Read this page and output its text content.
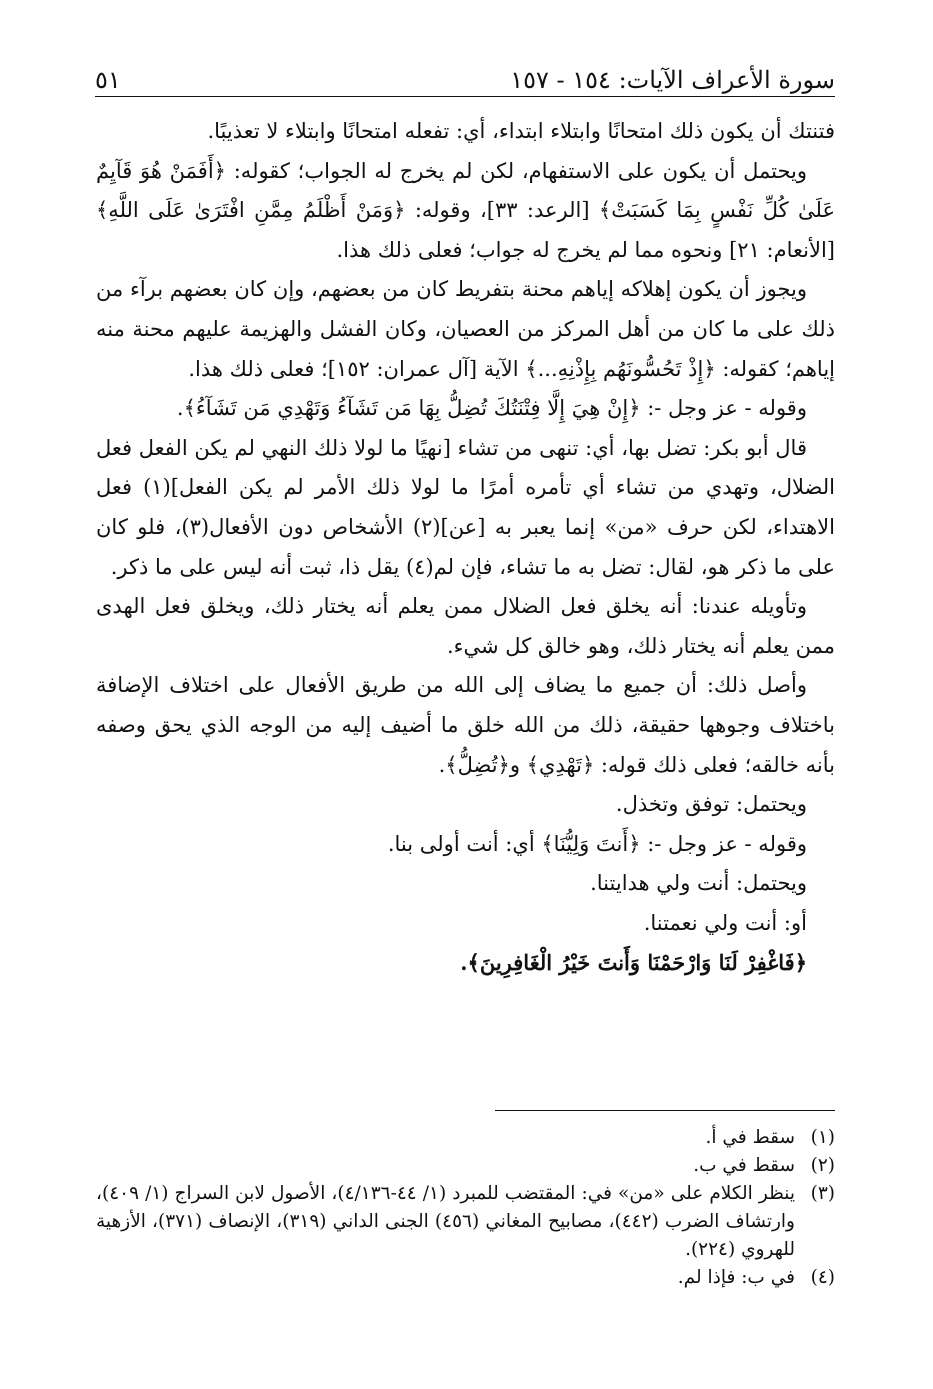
سورة الأعراف الآيات: ١٥٤ - ١٥٧
٥١

فتنتك أن يكون ذلك امتحانًا وابتلاء ابتداء، أي: تفعله امتحانًا وابتلاء لا تعذيبًا.

ويحتمل أن يكون على الاستفهام، لكن لم يخرج له الجواب؛ كقوله: ﴿أَفَمَنْ هُوَ قَآيِمٌ عَلَىٰ كُلِّ نَفْسٍ بِمَا كَسَبَتْ﴾ [الرعد: ٣٣]، وقوله: ﴿وَمَنْ أَظْلَمُ مِمَّنِ افْتَرَىٰ عَلَى اللَّهِ﴾ [الأنعام: ٢١] ونحوه مما لم يخرج له جواب؛ فعلى ذلك هذا.

ويجوز أن يكون إهلاكه إياهم محنة بتفريط كان من بعضهم، وإن كان بعضهم برآء من ذلك على ما كان من أهل المركز من العصيان، وكان الفشل والهزيمة عليهم محنة منه إياهم؛ كقوله: ﴿إِذْ تَحُسُّونَهُم بِإِذْنِهِ...﴾ الآية [آل عمران: ١٥٢]؛ فعلى ذلك هذا.

وقوله - عز وجل -: ﴿إِنْ هِيَ إِلَّا فِتْنَتُكَ تُضِلُّ بِهَا مَن تَشَآءُ وَتَهْدِي مَن تَشَآءُ﴾.

قال أبو بكر: تضل بها، أي: تنهى من تشاء [نهيًا ما لولا ذلك النهي لم يكن الفعل فعل الضلال، وتهدي من تشاء أي تأمره أمرًا ما لولا ذلك الأمر لم يكن الفعل](١) فعل الاهتداء، لكن حرف «من» إنما يعبر به [عن](٢) الأشخاص دون الأفعال(٣)، فلو كان على ما ذكر هو، لقال: تضل به ما تشاء، فإن لم(٤) يقل ذا، ثبت أنه ليس على ما ذكر.

وتأويله عندنا: أنه يخلق فعل الضلال ممن يعلم أنه يختار ذلك، ويخلق فعل الهدى ممن يعلم أنه يختار ذلك، وهو خالق كل شيء.

وأصل ذلك: أن جميع ما يضاف إلى الله من طريق الأفعال على اختلاف الإضافة باختلاف وجوهها حقيقة، ذلك من الله خلق ما أضيف إليه من الوجه الذي يحق وصفه بأنه خالقه؛ فعلى ذلك قوله: ﴿تَهْدِي﴾ و﴿تُضِلُّ﴾.

ويحتمل: توفق وتخذل.

وقوله - عز وجل -: ﴿أَنتَ وَلِيُّنَا﴾ أي: أنت أولى بنا.

ويحتمل: أنت ولي هدايتنا.

أو: أنت ولي نعمتنا.

﴿فَاغْفِرْ لَنَا وَارْحَمْنَا وَأَنتَ خَيْرُ الْغَافِرِينَ﴾.

(١)
سقط في أ.
(٢)
سقط في ب.
(٣)
ينظر الكلام على «من» في: المقتضب للمبرد (١/ ٤٤-٤/١٣٦)، الأصول لابن السراج (١/ ٤٠٩)، وارتشاف الضرب (٤٤٢)، مصابيح المغاني (٤٥٦) الجنى الداني (٣١٩)، الإنصاف (٣٧١)، الأزهية للهروي (٢٢٤).
(٤)
في ب: فإذا لم.
